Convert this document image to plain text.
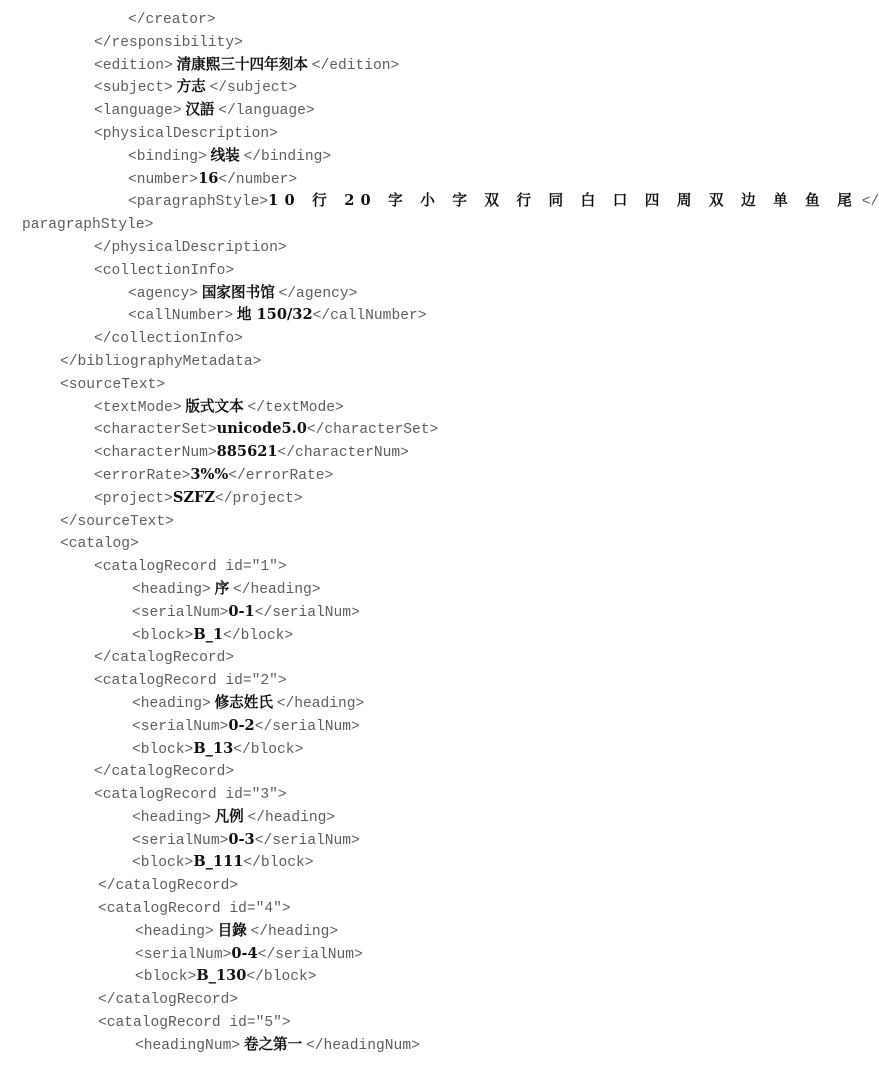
</creator>
</responsibility>
<edition> 清康熙三十四年刻本 </edition>
<subject> 方志 </subject>
<language> 汉語 </language>
<physicalDescription>
<binding> 线装 </binding>
<number>16</number>
<paragraphStyle>10 行 20 字 小 字 双 行 同 白 口 四 周 双 边 单 鱼 尾 </
paragraphStyle>
</physicalDescription>
<collectionInfo>
<agency> 国家图书馆 </agency>
<callNumber> 地 150/32</callNumber>
</collectionInfo>
</bibliographyMetadata>
<sourceText>
<textMode> 版式文本 </textMode>
<characterSet>unicode5.0</characterSet>
<characterNum>885621</characterNum>
<errorRate>3%%</errorRate>
<project>SZFZ</project>
</sourceText>
<catalog>
<catalogRecord id="1">
<heading> 序 </heading>
<serialNum>0-1</serialNum>
<block>B_1</block>
</catalogRecord>
<catalogRecord id="2">
<heading> 修志姓氏 </heading>
<serialNum>0-2</serialNum>
<block>B_13</block>
</catalogRecord>
<catalogRecord id="3">
<heading> 凡例 </heading>
<serialNum>0-3</serialNum>
<block>B_111</block>
</catalogRecord>
<catalogRecord id="4">
<heading> 目錄 </heading>
<serialNum>0-4</serialNum>
<block>B_130</block>
</catalogRecord>
<catalogRecord id="5">
<headingNum> 卷之第一 </headingNum>
